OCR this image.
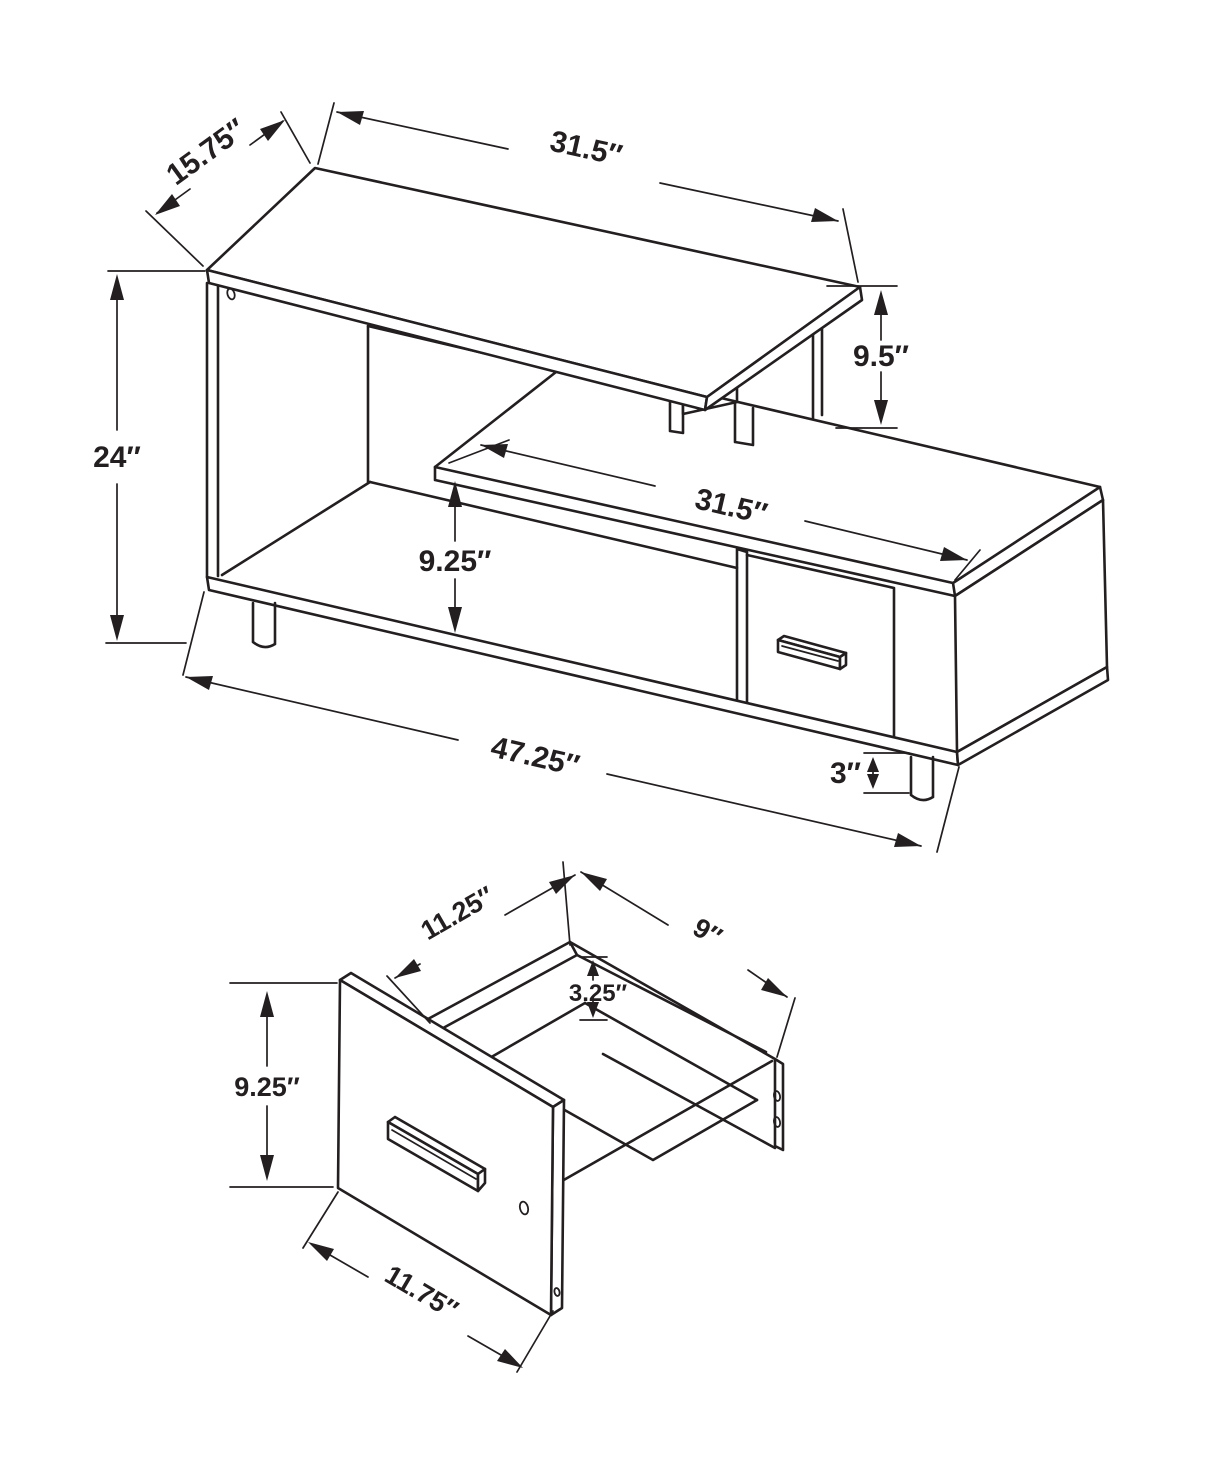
15.75″	31.5″
24″
9.5″
31.5″
9.25″
47.25″	3″
11.25″	9″
3.25″
9.25″
11.75″
